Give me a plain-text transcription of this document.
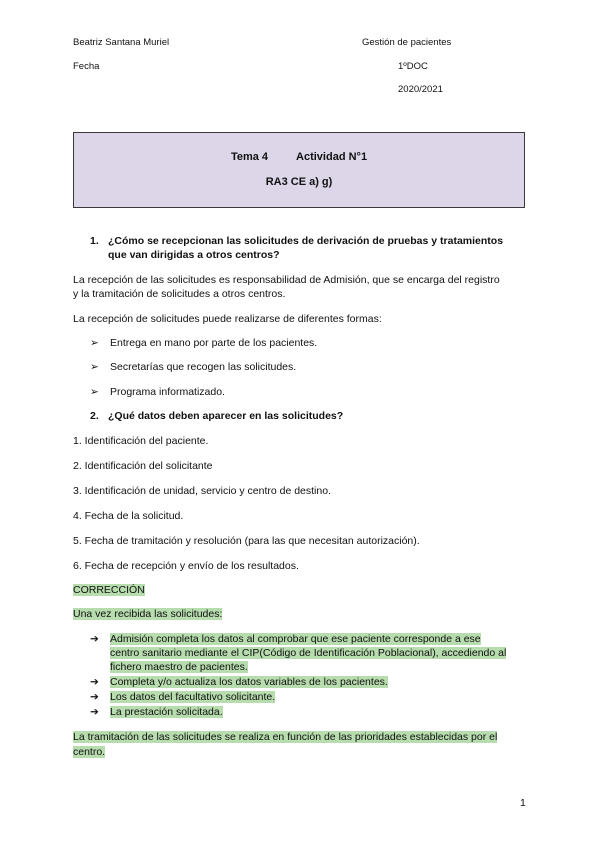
Beatriz Santana Muriel	Gestión de pacientes
Fecha	1ºDOC
2020/2021
Tema 4	Actividad N°1
RA3 CE a) g)
1. ¿Cómo se recepcionan las solicitudes de derivación de pruebas y tratamientos
que van dirigidas a otros centros?
La recepción de las solicitudes es responsabilidad de Admisión, que se encarga del registro
y la tramitación de solicitudes a otros centros.
La recepción de solicitudes puede realizarse de diferentes formas:
➢ Entrega en mano por parte de los pacientes.
➢ Secretarías que recogen las solicitudes.
➢ Programa informatizado.
2. ¿Qué datos deben aparecer en las solicitudes?
1. Identificación del paciente.
2. Identificación del solicitante
3. Identificación de unidad, servicio y centro de destino.
4. Fecha de la solicitud.
5. Fecha de tramitación y resolución (para las que necesitan autorización).
6. Fecha de recepción y envío de los resultados.
CORRECCIÓN
Una vez recibida las solicitudes:
➔ Admisión completa los datos al comprobar que ese paciente corresponde a ese
centro sanitario mediante el CIP(Código de Identificación Poblacional), accediendo al
fichero maestro de pacientes.
➔ Completa y/o actualiza los datos variables de los pacientes.
➔ Los datos del facultativo solicitante.
➔ La prestación solicitada.
La tramitación de las solicitudes se realiza en función de las prioridades establecidas por el
centro.
1
